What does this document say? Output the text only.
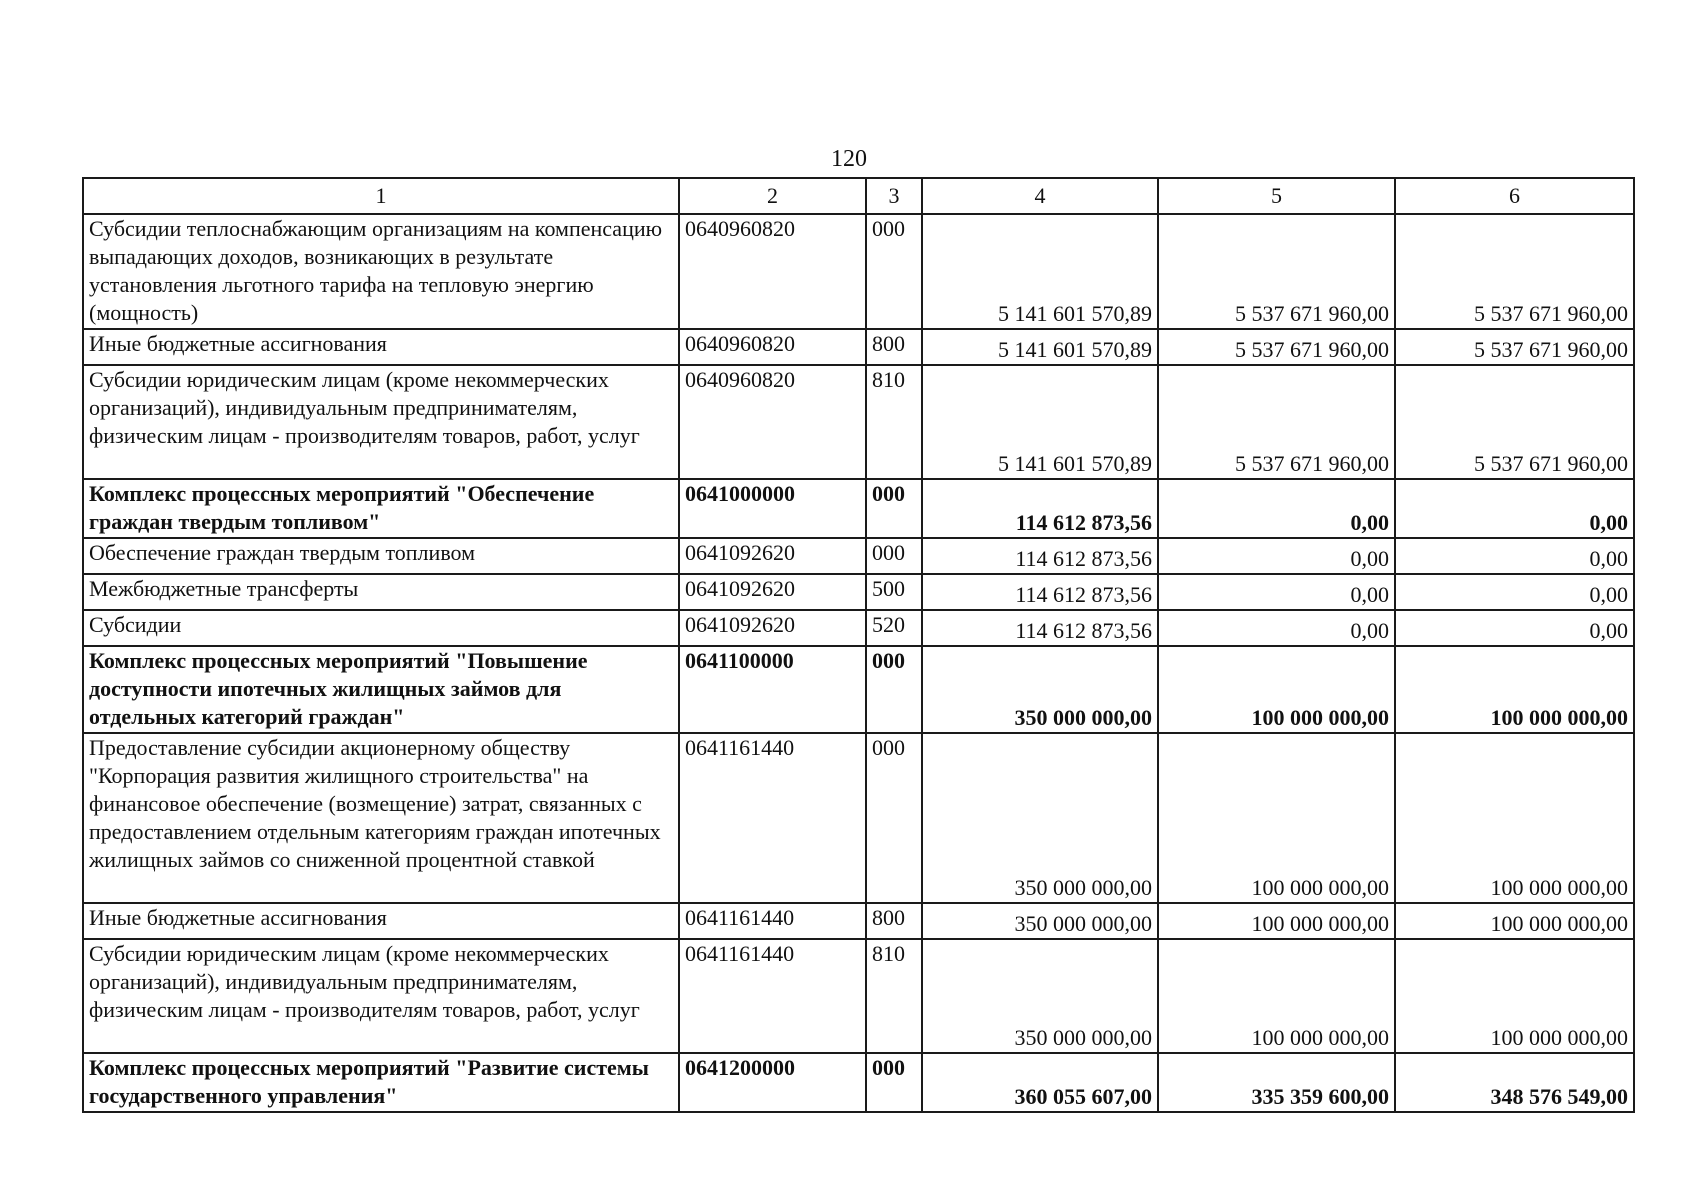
120
1	2	3	4	5	6
Субсидии теплоснабжающим организациям на компенсацию выпадающих доходов, возникающих в результате установления льготного тарифа на тепловую энергию (мощность)	0640960820	000	5 141 601 570,89	5 537 671 960,00	5 537 671 960,00
Иные бюджетные ассигнования	0640960820	800	5 141 601 570,89	5 537 671 960,00	5 537 671 960,00
Субсидии юридическим лицам (кроме некоммерческих организаций), индивидуальным предпринимателям, физическим лицам - производителям товаров, работ, услуг	0640960820	810	5 141 601 570,89	5 537 671 960,00	5 537 671 960,00
Комплекс процессных мероприятий "Обеспечение граждан твердым топливом"	0641000000	000	114 612 873,56	0,00	0,00
Обеспечение граждан твердым топливом	0641092620	000	114 612 873,56	0,00	0,00
Межбюджетные трансферты	0641092620	500	114 612 873,56	0,00	0,00
Субсидии	0641092620	520	114 612 873,56	0,00	0,00
Комплекс процессных мероприятий "Повышение доступности ипотечных жилищных займов для отдельных категорий граждан"	0641100000	000	350 000 000,00	100 000 000,00	100 000 000,00
Предоставление субсидии акционерному обществу "Корпорация развития жилищного строительства" на финансовое обеспечение (возмещение) затрат, связанных с предоставлением отдельным категориям граждан ипотечных жилищных займов со сниженной процентной ставкой	0641161440	000	350 000 000,00	100 000 000,00	100 000 000,00
Иные бюджетные ассигнования	0641161440	800	350 000 000,00	100 000 000,00	100 000 000,00
Субсидии юридическим лицам (кроме некоммерческих организаций), индивидуальным предпринимателям, физическим лицам - производителям товаров, работ, услуг	0641161440	810	350 000 000,00	100 000 000,00	100 000 000,00
Комплекс процессных мероприятий "Развитие системы государственного управления"	0641200000	000	360 055 607,00	335 359 600,00	348 576 549,00
